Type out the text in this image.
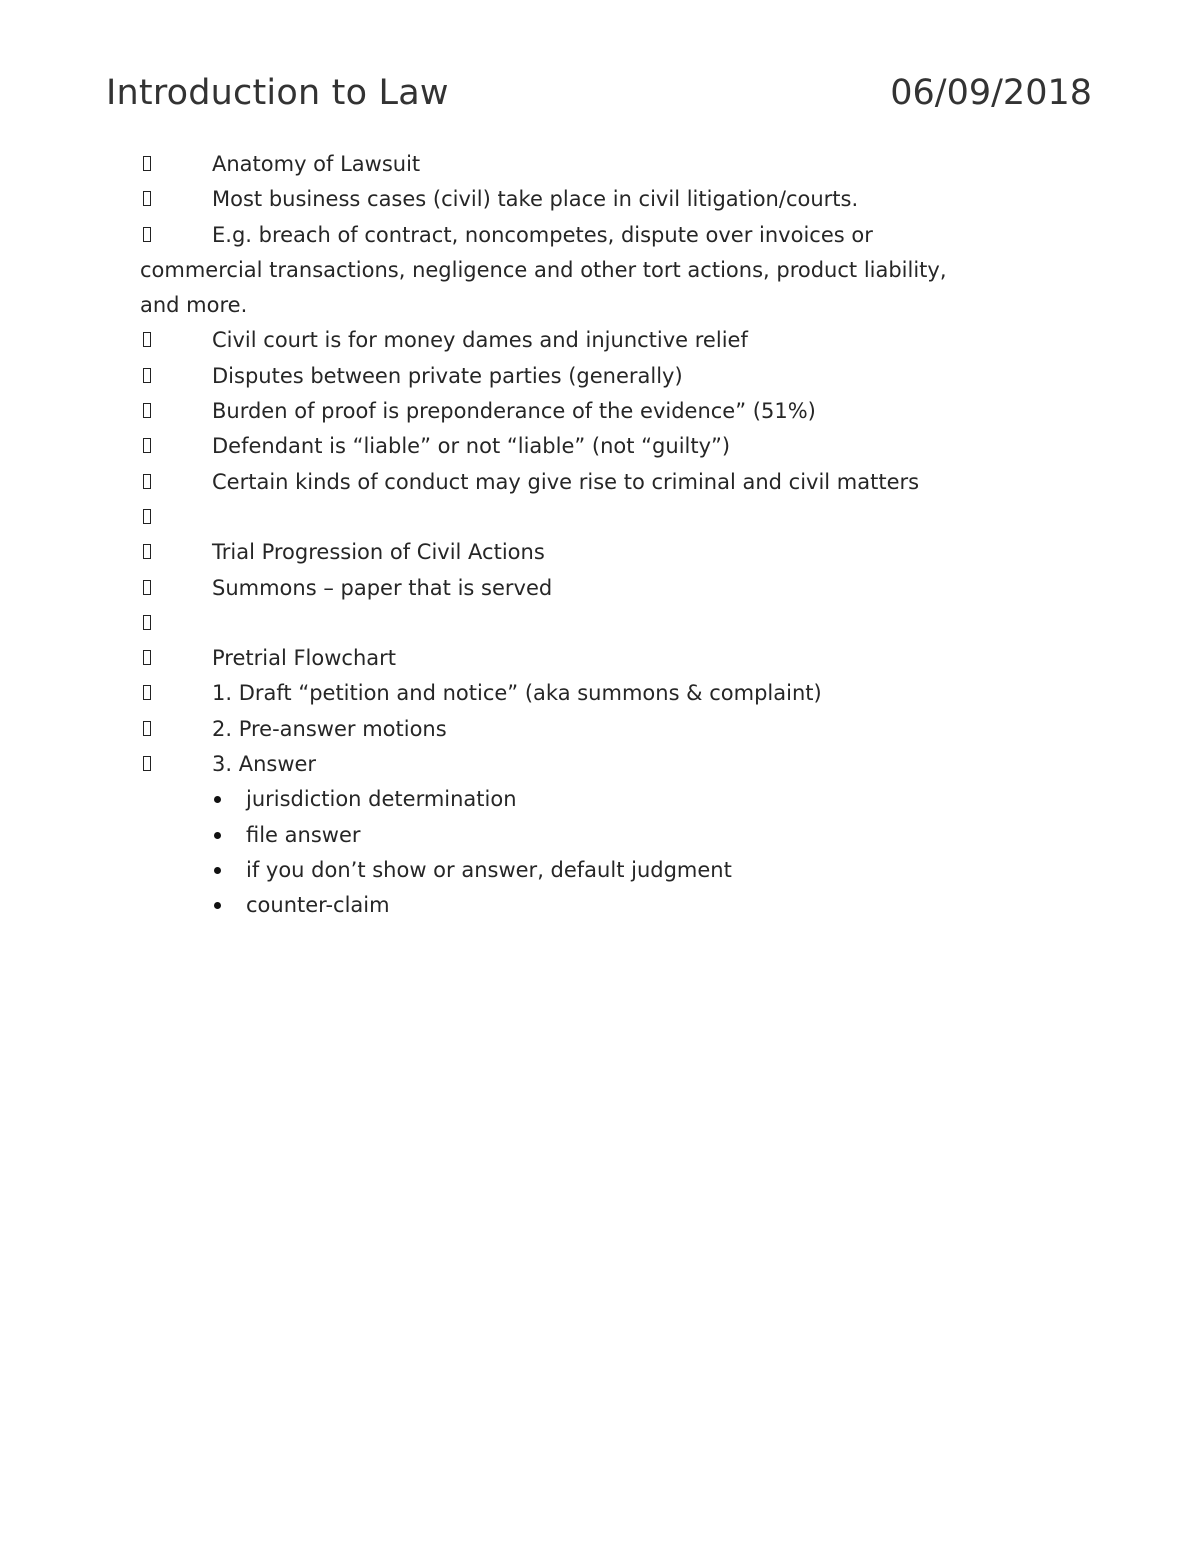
Introduction to Law	06/09/2018
Anatomy of Lawsuit
Most business cases (civil) take place in civil litigation/courts.
E.g. breach of contract, noncompetes, dispute over invoices or
commercial transactions, negligence and other tort actions, product liability,
and more.
Civil court is for money dames and injunctive relief
Disputes between private parties (generally)
Burden of proof is preponderance of the evidence” (51%)
Defendant is “liable” or not “liable” (not “guilty”)
Certain kinds of conduct may give rise to criminal and civil matters
Trial Progression of Civil Actions
Summons – paper that is served
Pretrial Flowchart
1. Draft “petition and notice” (aka summons & complaint)
2. Pre-answer motions
3. Answer
jurisdiction determination
file answer
if you don’t show or answer, default judgment
counter-claim
